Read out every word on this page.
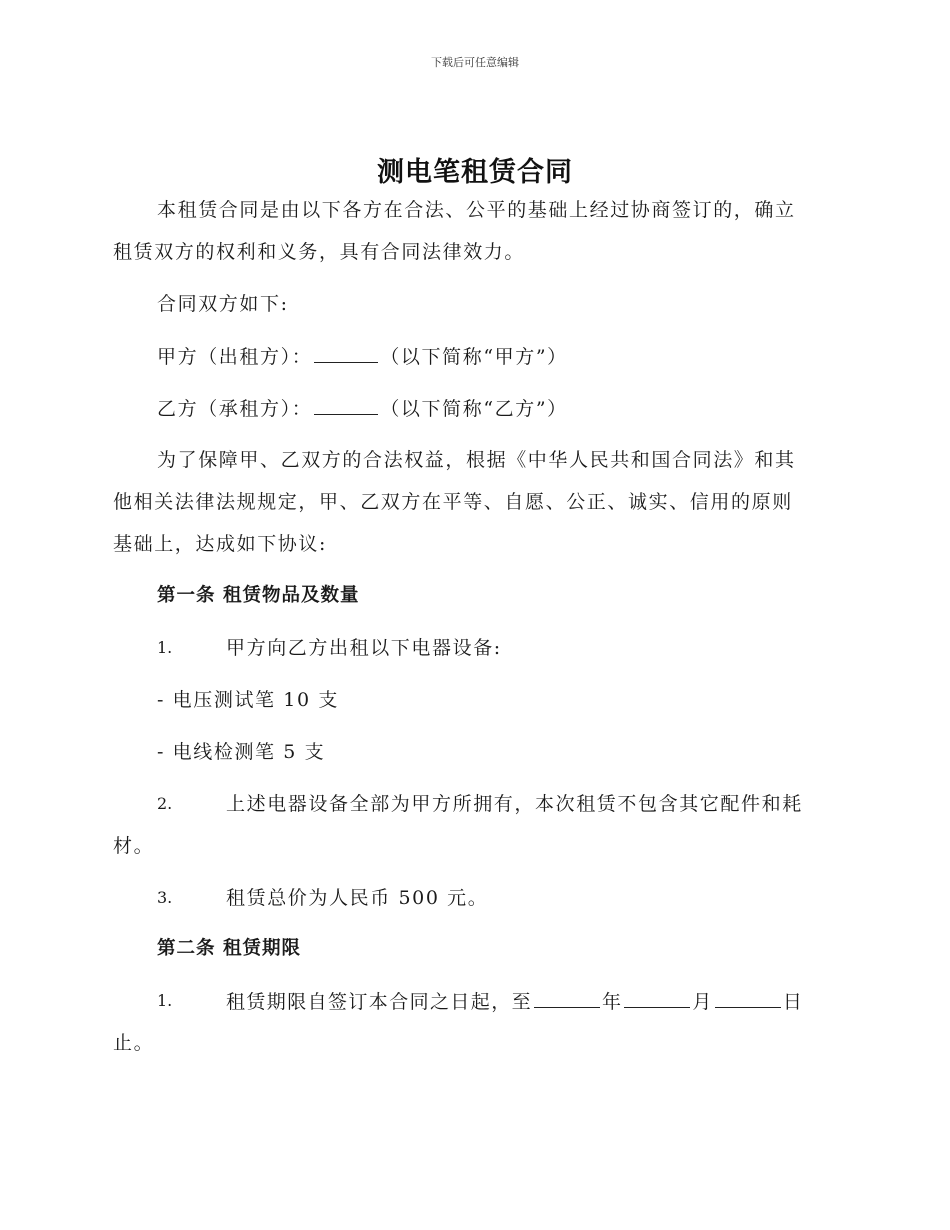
下载后可任意编辑
测电笔租赁合同
本租赁合同是由以下各方在合法、公平的基础上经过协商签订的，确立
租赁双方的权利和义务，具有合同法律效力。
合同双方如下:
甲方（出租方）：	（以下简称“甲方”）
乙方（承租方）：	（以下简称“乙方”）
为了保障甲、乙双方的合法权益，根据《中华人民共和国合同法》和其
他相关法律法规规定，甲、乙双方在平等、自愿、公正、诚实、信用的原则
基础上，达成如下协议:
第一条 租赁物品及数量
1.	甲方向乙方出租以下电器设备:
- 电压测试笔 10 支
- 电线检测笔 5 支
2.	上述电器设备全部为甲方所拥有，本次租赁不包含其它配件和耗
材。
3.	租赁总价为人民币 500 元。
第二条 租赁期限
1.	租赁期限自签订本合同之日起，至	年	月	日
止。
